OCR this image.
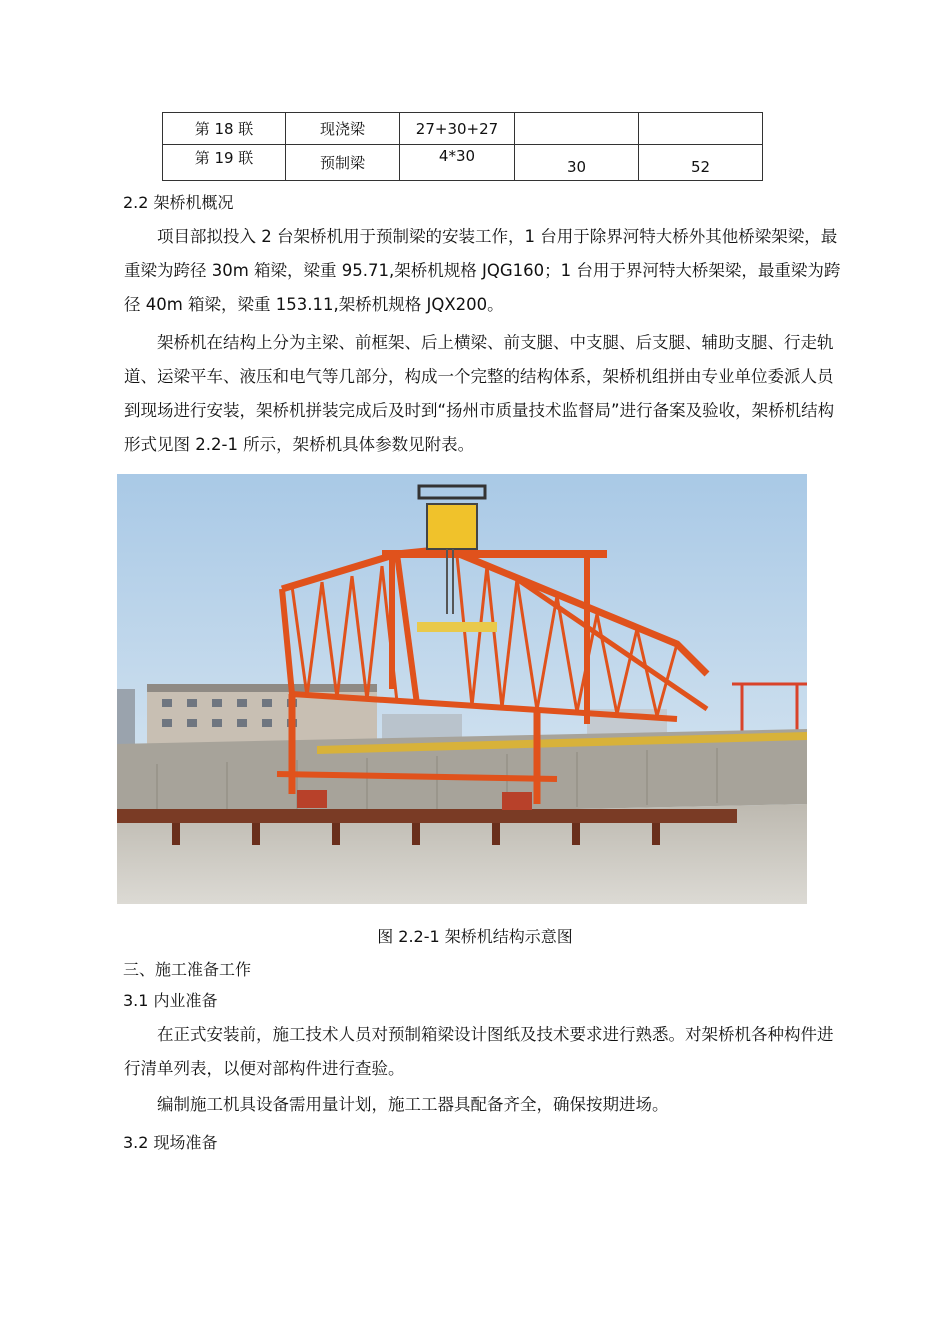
第 18 联	现浇梁	27+30+27		
第 19 联	预制梁	4*30	30	52
2.2 架桥机概况

项目部拟投入 2 台架桥机用于预制梁的安装工作，1 台用于除界河特大桥外其他桥梁架梁，最重梁为跨径 30m 箱梁，梁重 95.71,架桥机规格 JQG160；1 台用于界河特大桥架梁，最重梁为跨径 40m 箱梁，梁重 153.11,架桥机规格 JQX200。

架桥机在结构上分为主梁、前框架、后上横梁、前支腿、中支腿、后支腿、辅助支腿、行走轨道、运梁平车、液压和电气等几部分，构成一个完整的结构体系，架桥机组拼由专业单位委派人员到现场进行安装，架桥机拼装完成后及时到“扬州市质量技术监督局”进行备案及验收，架桥机结构形式见图 2.2-1 所示，架桥机具体参数见附表。

图 2.2-1 架桥机结构示意图
三、施工准备工作
3.1 内业准备

在正式安装前，施工技术人员对预制箱梁设计图纸及技术要求进行熟悉。对架桥机各种构件进行清单列表，以便对部构件进行查验。

编制施工机具设备需用量计划，施工工器具配备齐全，确保按期进场。

3.2 现场准备
